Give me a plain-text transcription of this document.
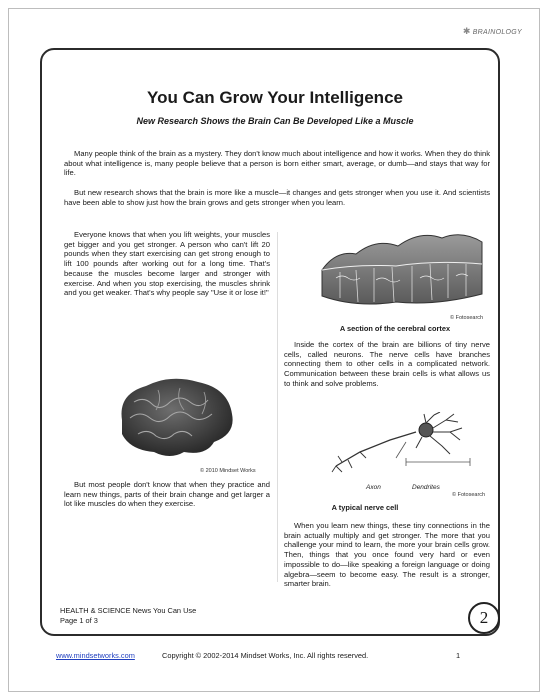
✱ BRAINOLOGY
You Can Grow Your Intelligence
New Research Shows the Brain Can Be Developed Like a Muscle

Many people think of the brain as a mystery. They don't know much about intelligence and how it works. When they do think about what intelligence is, many people believe that a person is born either smart, average, or dumb—and stays that way for life.

But new research shows that the brain is more like a muscle—it changes and gets stronger when you use it. And scientists have been able to show just how the brain grows and gets stronger when you learn.

Everyone knows that when you lift weights, your muscles get bigger and you get stronger. A person who can't lift 20 pounds when they start exercising can get strong enough to lift 100 pounds after working out for a long time. That's because the muscles become larger and stronger with exercise. And when you stop exercising, the muscles shrink and you get weaker. That's why people say "Use it or lose it!"

© Fotosearch
A section of the cerebral cortex

Inside the cortex of the brain are billions of tiny nerve cells, called neurons. The nerve cells have branches connecting them to other cells in a complicated network. Communication between these brain cells is what allows us to think and solve problems.

© 2010 Mindset Works
Axon	Dendrites
© Fotosearch
A typical nerve cell

But most people don't know that when they practice and learn new things, parts of their brain change and get larger a lot like muscles do when they exercise.

When you learn new things, these tiny connections in the brain actually multiply and get stronger. The more that you challenge your mind to learn, the more your brain cells grow. Then, things that you once found very hard or even impossible to do—like speaking a foreign language or doing algebra—seem to become easy. The result is a stronger, smarter brain.

HEALTH & SCIENCE News You Can Use
Page 1 of 3	2
www.mindsetworks.com	Copyright © 2002-2014 Mindset Works, Inc. All rights reserved.	1
